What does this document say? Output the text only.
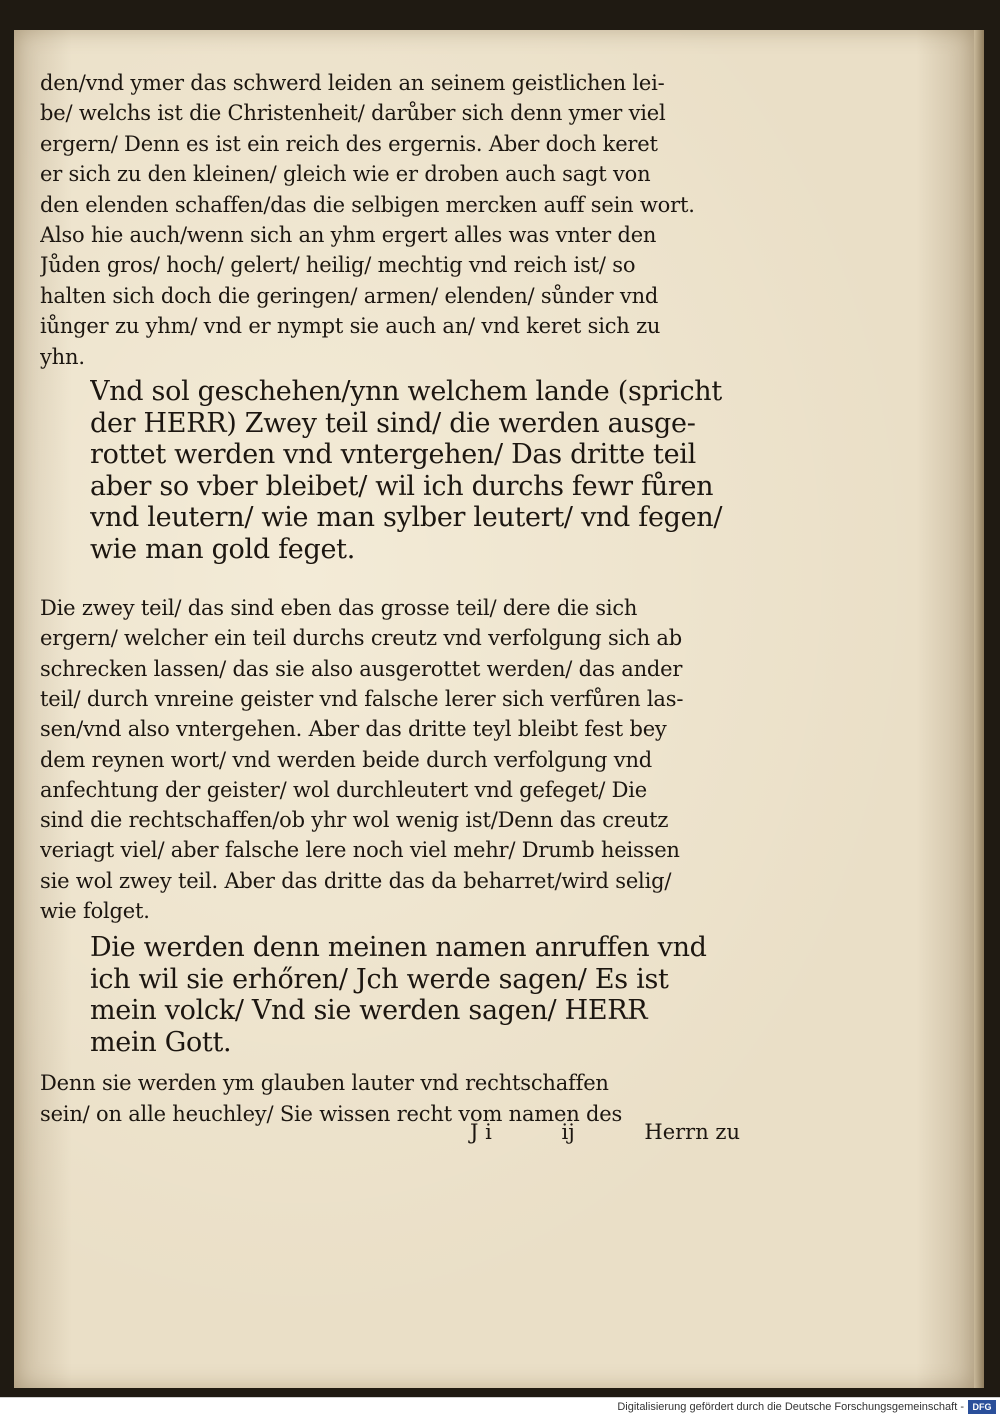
den/vnd ymer das schwerd leiden an seinem geistlichen lei-
be/ welchs ist die Christenheit/ darůber sich denn ymer viel
ergern/ Denn es ist ein reich des ergernis. Aber doch keret
er sich zu den kleinen/ gleich wie er droben auch sagt von
den elenden schaffen/das die selbigen mercken auff sein wort.
Also hie auch/wenn sich an yhm ergert alles was vnter den
Jůden gros/ hoch/ gelert/ heilig/ mechtig vnd reich ist/ so
halten sich doch die geringen/ armen/ elenden/ sůnder vnd
iůnger zu yhm/ vnd er nympt sie auch an/ vnd keret sich zu
yhn.
Vnd sol geschehen/ynn welchem lande (spricht
der HERR) Zwey teil sind/ die werden ausge-
rottet werden vnd vntergehen/ Das dritte teil
aber so vber bleibet/ wil ich durchs fewr fůren
vnd leutern/ wie man sylber leutert/ vnd fegen/
wie man gold feget.
Die zwey teil/ das sind eben das grosse teil/ dere die sich
ergern/ welcher ein teil durchs creutz vnd verfolgung sich ab
schrecken lassen/ das sie also ausgerottet werden/ das ander
teil/ durch vnreine geister vnd falsche lerer sich verfůren las-
sen/vnd also vntergehen. Aber das dritte teyl bleibt fest bey
dem reynen wort/ vnd werden beide durch verfolgung vnd
anfechtung der geister/ wol durchleutert vnd gefeget/ Die
sind die rechtschaffen/ob yhr wol wenig ist/Denn das creutz
veriagt viel/ aber falsche lere noch viel mehr/ Drumb heissen
sie wol zwey teil. Aber das dritte das da beharret/wird selig/
wie folget.
Die werden denn meinen namen anruffen vnd
ich wil sie erhőren/ Jch werde sagen/ Es ist
mein volck/ Vnd sie werden sagen/ HERR
mein Gott.
Denn sie werden ym glauben lauter vnd rechtschaffen
sein/ on alle heuchley/ Sie wissen recht vom namen des
J i	ij	Herrn zu
Digitalisierung gefördert durch die Deutsche Forschungsgemeinschaft - DFG
